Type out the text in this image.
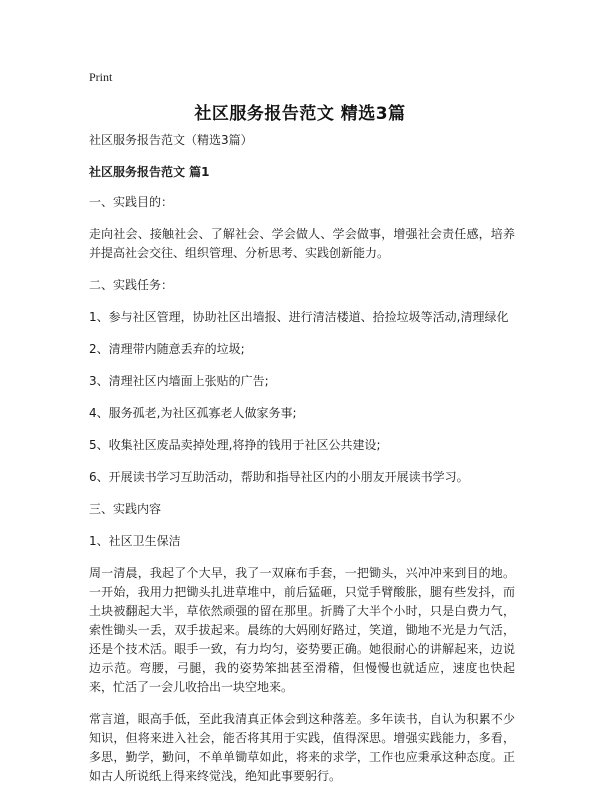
Print
社区服务报告范文 精选3篇

社区服务报告范文（精选3篇）

社区服务报告范文 篇1

一、实践目的：

走向社会、接触社会、了解社会、学会做人、学会做事，增强社会责任感，培养并提高社会交往、组织管理、分析思考、实践创新能力。

二、实践任务：

1、参与社区管理，协助社区出墙报、进行清洁楼道、拾捡垃圾等活动,清理绿化

2、清理带内随意丢弃的垃圾;

3、清理社区内墙面上张贴的广告;

4、服务孤老,为社区孤寡老人做家务事;

5、收集社区废品卖掉处理,将挣的钱用于社区公共建设;

6、开展读书学习互助活动，帮助和指导社区内的小朋友开展读书学习。

三、实践内容

1、社区卫生保洁

周一清晨，我起了个大早，我了一双麻布手套，一把锄头，兴冲冲来到目的地。一开始，我用力把锄头扎进草堆中，前后猛砸，只觉手臂酸胀，腿有些发抖，而土块被翻起大半，草依然顽强的留在那里。折腾了大半个小时，只是白费力气，索性锄头一丢，双手拔起来。晨练的大妈刚好路过，笑道，锄地不光是力气活，还是个技术活。眼手一致，有力均匀，姿势要正确。她很耐心的讲解起来，边说边示范。弯腰，弓腿，我的姿势笨拙甚至滑稽，但慢慢也就适应，速度也快起来，忙活了一会儿收拾出一块空地来。

常言道，眼高手低，至此我清真正体会到这种落差。多年读书，自认为积累不少知识，但将来进入社会，能否将其用于实践，值得深思。增强实践能力，多看，多思，勤学，勤问，不单单锄草如此，将来的求学，工作也应秉承这种态度。正如古人所说纸上得来终觉浅，绝知此事要躬行。
